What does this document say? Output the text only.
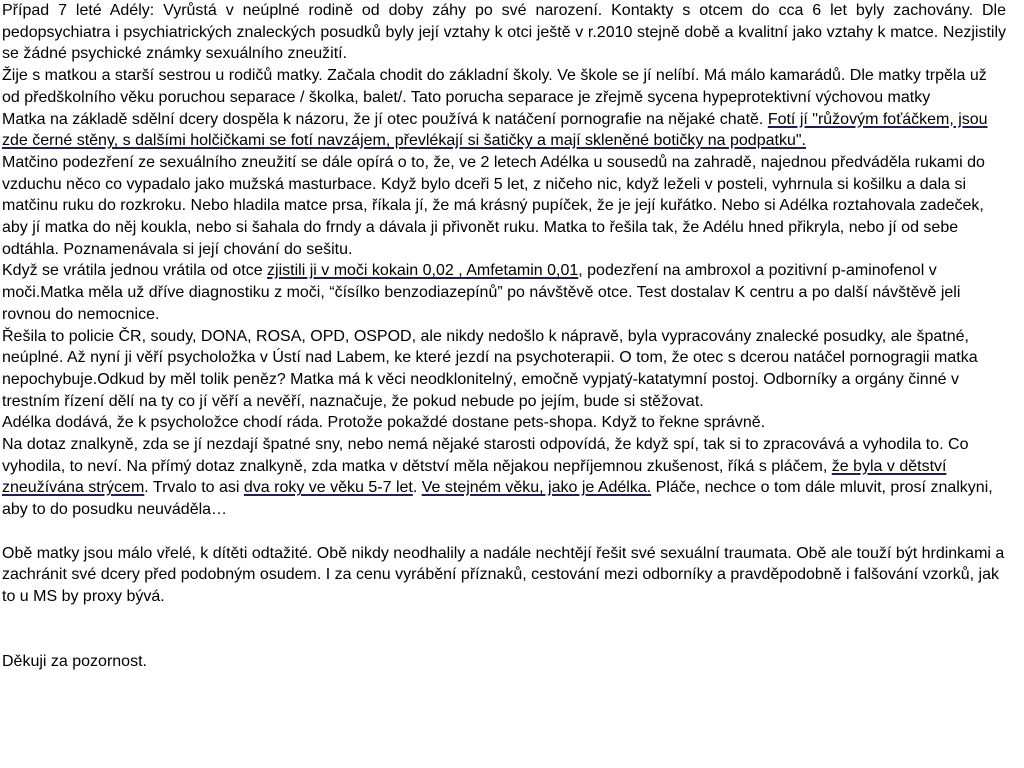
Případ 7 leté Adély: Vyrůstá v neúplné rodině od doby záhy po své narození. Kontakty s otcem do cca 6 let byly zachovány. Dle pedopsychiatra i psychiatrických znaleckých posudků byly její vztahy k otci ještě v r.2010 stejně době a kvalitní jako vztahy k matce. Nezjistily se žádné psychické známky sexuálního zneužití.

Žije s matkou a starší sestrou u rodičů matky. Začala chodit do základní školy. Ve škole se jí nelíbí. Má málo kamarádů. Dle matky trpěla už od předškolního věku poruchou separace / školka, balet/. Tato porucha separace je zřejmě sycena hypeprotektivní výchovou matky

Matka na základě sdělní dcery dospěla k názoru, že jí otec používá k natáčení pornografie na nějaké chatě. Fotí jí "růžovým foťáčkem, jsou zde černé stěny, s dalšími holčičkami se fotí navzájem, převlékají si šatičky a mají skleněné botičky na podpatku".

Matčino podezření ze sexuálního zneužití se dále opírá o to, že, ve 2 letech Adélka u sousedů na zahradě, najednou předváděla rukami do vzduchu něco co vypadalo jako mužská masturbace. Když bylo dceři 5 let, z ničeho nic, když leželi v posteli, vyhrnula si košilku a dala si matčinu ruku do rozkroku. Nebo hladila matce prsa, říkala jí, že má krásný pupíček, že je její kuřátko. Nebo si Adélka roztahovala zadeček, aby jí matka do něj koukla, nebo si šahala do frndy a dávala ji přivonět ruku. Matka to řešila tak, že Adélu hned přikryla, nebo jí od sebe odtáhla. Poznamenávala si její chování do sešitu.

Když se vrátila jednou vrátila od otce zjistili ji v moči kokain 0,02 , Amfetamin 0,01, podezření na ambroxol a pozitivní p-aminofenol v moči.Matka měla už dříve diagnostiku z moči, “čísílko benzodiazepínů” po návštěvě otce. Test dostalav K centru a po další návštěvě jeli rovnou do nemocnice.

Řešila to policie ČR, soudy, DONA, ROSA, OPD, OSPOD, ale nikdy nedošlo k nápravě, byla vypracovány znalecké posudky, ale špatné, neúplné. Až nyní ji věří psycholožka v Ústí nad Labem, ke které jezdí na psychoterapii. O tom, že otec s dcerou natáčel pornogragii matka nepochybuje.Odkud by měl tolik peněz? Matka má k věci neodklonitelný, emočně vypjatý-katatymní postoj. Odborníky a orgány činné v trestním řízení dělí na ty co jí věří a nevěří, naznačuje, že pokud nebude po jejím, bude si stěžovat.

Adélka dodává, že k psycholožce chodí ráda. Protože pokaždé dostane pets-shopa. Když to řekne správně.

Na dotaz znalkyně, zda se jí nezdají špatné sny, nebo nemá nějaké starosti odpovídá, že když spí, tak si to zpracovává a vyhodila to. Co vyhodila, to neví. Na přímý dotaz znalkyně, zda matka v dětství měla nějakou nepříjemnou zkušenost, říká s pláčem, že byla v dětství zneužívána strýcem. Trvalo to asi dva roky ve věku 5-7 let. Ve stejném věku, jako je Adélka. Pláče, nechce o tom dále mluvit, prosí znalkyni, aby to do posudku neuváděla…

Obě matky jsou málo vřelé, k dítěti odtažité. Obě nikdy neodhalily a nadále nechtějí řešit své sexuální traumata. Obě ale touží být hrdinkami a zachránit své dcery před podobným osudem. I za cenu vyrábění příznaků, cestování mezi odborníky a pravděpodobně i falšování vzorků, jak to u MS by proxy bývá.

Děkuji za pozornost.
